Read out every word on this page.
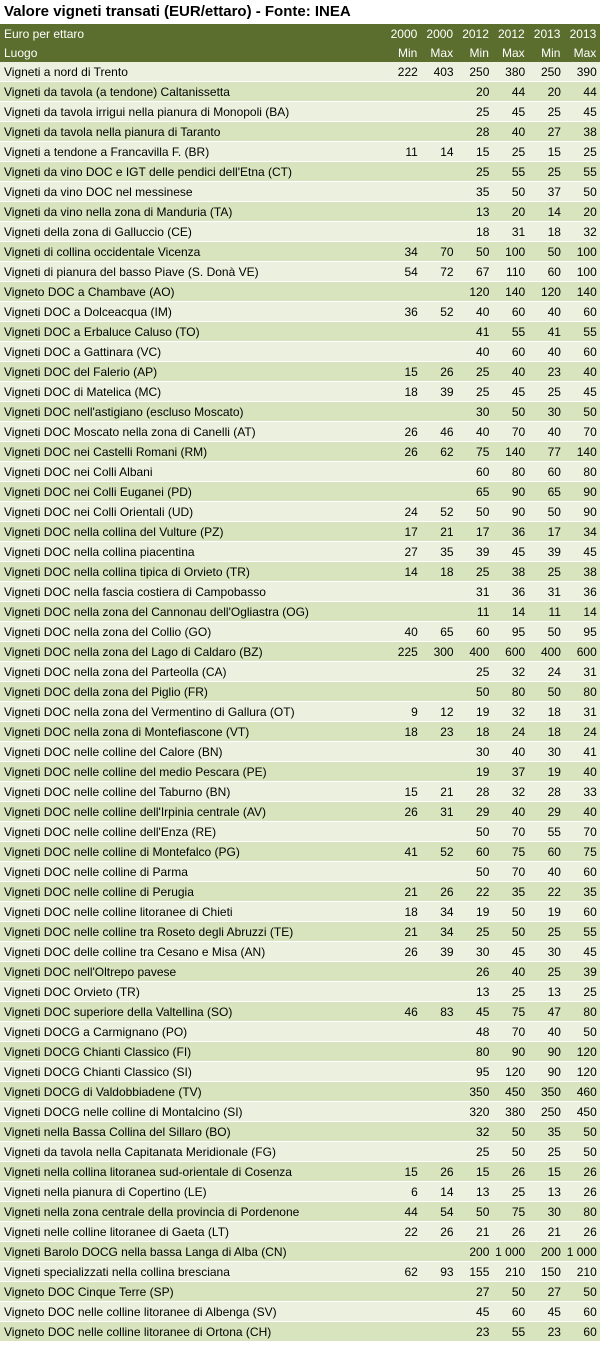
Valore vigneti transati (EUR/ettaro) - Fonte: INEA
Euro per ettaro	2000	2000	2012	2012	2013	2013
Luogo	Min	Max	Min	Max	Min	Max
Vigneti a nord di Trento	222	403	250	380	250	390
Vigneti da tavola (a tendone) Caltanissetta			20	44	20	44
Vigneti da tavola irrigui nella pianura di Monopoli (BA)			25	45	25	45
Vigneti da tavola nella pianura di Taranto			28	40	27	38
Vigneti a tendone a Francavilla F. (BR)	11	14	15	25	15	25
Vigneti da vino DOC e IGT delle pendici dell'Etna (CT)			25	55	25	55
Vigneti da vino DOC nel messinese			35	50	37	50
Vigneti da vino nella zona di Manduria (TA)			13	20	14	20
Vigneti della zona di Galluccio (CE)			18	31	18	32
Vigneti di collina occidentale Vicenza	34	70	50	100	50	100
Vigneti di pianura del basso Piave (S. Donà VE)	54	72	67	110	60	100
Vigneto DOC a Chambave (AO)			120	140	120	140
Vigneti DOC a Dolceacqua (IM)	36	52	40	60	40	60
Vigneti DOC a Erbaluce Caluso (TO)			41	55	41	55
Vigneti DOC a Gattinara (VC)			40	60	40	60
Vigneti DOC del Falerio (AP)	15	26	25	40	23	40
Vigneti DOC di Matelica (MC)	18	39	25	45	25	45
Vigneti DOC nell'astigiano (escluso Moscato)			30	50	30	50
Vigneti DOC Moscato nella zona di Canelli (AT)	26	46	40	70	40	70
Vigneti DOC nei Castelli Romani (RM)	26	62	75	140	77	140
Vigneti DOC nei Colli Albani			60	80	60	80
Vigneti DOC nei Colli Euganei (PD)			65	90	65	90
Vigneti DOC nei Colli Orientali (UD)	24	52	50	90	50	90
Vigneti DOC nella collina del Vulture (PZ)	17	21	17	36	17	34
Vigneti DOC nella collina piacentina	27	35	39	45	39	45
Vigneti DOC nella collina tipica di Orvieto (TR)	14	18	25	38	25	38
Vigneti DOC nella fascia costiera di Campobasso			31	36	31	36
Vigneti DOC nella zona del Cannonau dell'Ogliastra (OG)			11	14	11	14
Vigneti DOC nella zona del Collio (GO)	40	65	60	95	50	95
Vigneti DOC nella zona del Lago di Caldaro (BZ)	225	300	400	600	400	600
Vigneti DOC nella zona del Parteolla (CA)			25	32	24	31
Vigneti DOC della zona del Piglio (FR)			50	80	50	80
Vigneti DOC nella zona del Vermentino di Gallura (OT)	9	12	19	32	18	31
Vigneti DOC nella zona di Montefiascone (VT)	18	23	18	24	18	24
Vigneti DOC nelle colline del Calore (BN)			30	40	30	41
Vigneti DOC nelle colline del medio Pescara (PE)			19	37	19	40
Vigneti DOC nelle colline del Taburno (BN)	15	21	28	32	28	33
Vigneti DOC nelle colline dell'Irpinia centrale (AV)	26	31	29	40	29	40
Vigneti DOC nelle colline dell'Enza (RE)			50	70	55	70
Vigneti DOC nelle colline di Montefalco (PG)	41	52	60	75	60	75
Vigneti DOC nelle colline di Parma			50	70	40	60
Vigneti DOC nelle colline di Perugia	21	26	22	35	22	35
Vigneti DOC nelle colline litoranee di Chieti	18	34	19	50	19	60
Vigneti DOC nelle colline tra Roseto degli Abruzzi (TE)	21	34	25	50	25	55
Vigneti DOC delle colline tra Cesano e Misa (AN)	26	39	30	45	30	45
Vigneti DOC nell'Oltrepo pavese			26	40	25	39
Vigneti DOC Orvieto (TR)			13	25	13	25
Vigneti DOC superiore della Valtellina (SO)	46	83	45	75	47	80
Vigneti DOCG a Carmignano (PO)			48	70	40	50
Vigneti DOCG Chianti Classico (FI)			80	90	90	120
Vigneti DOCG Chianti Classico (SI)			95	120	90	120
Vigneti DOCG di Valdobbiadene (TV)			350	450	350	460
Vigneti DOCG nelle colline di Montalcino (SI)			320	380	250	450
Vigneti nella Bassa Collina del Sillaro (BO)			32	50	35	50
Vigneti da tavola nella Capitanata Meridionale (FG)			25	50	25	50
Vigneti nella collina litoranea sud-orientale di Cosenza	15	26	15	26	15	26
Vigneti nella pianura di Copertino (LE)	6	14	13	25	13	26
Vigneti nella zona centrale della provincia di Pordenone	44	54	50	75	30	80
Vigneti nelle colline litoranee di Gaeta (LT)	22	26	21	26	21	26
Vigneti Barolo DOCG nella bassa Langa di Alba (CN)			200	1 000	200	1 000
Vigneti specializzati nella collina bresciana	62	93	155	210	150	210
Vigneto DOC Cinque Terre (SP)			27	50	27	50
Vigneto DOC nelle colline litoranee di Albenga (SV)			45	60	45	60
Vigneto DOC nelle colline litoranee di Ortona (CH)			23	55	23	60
